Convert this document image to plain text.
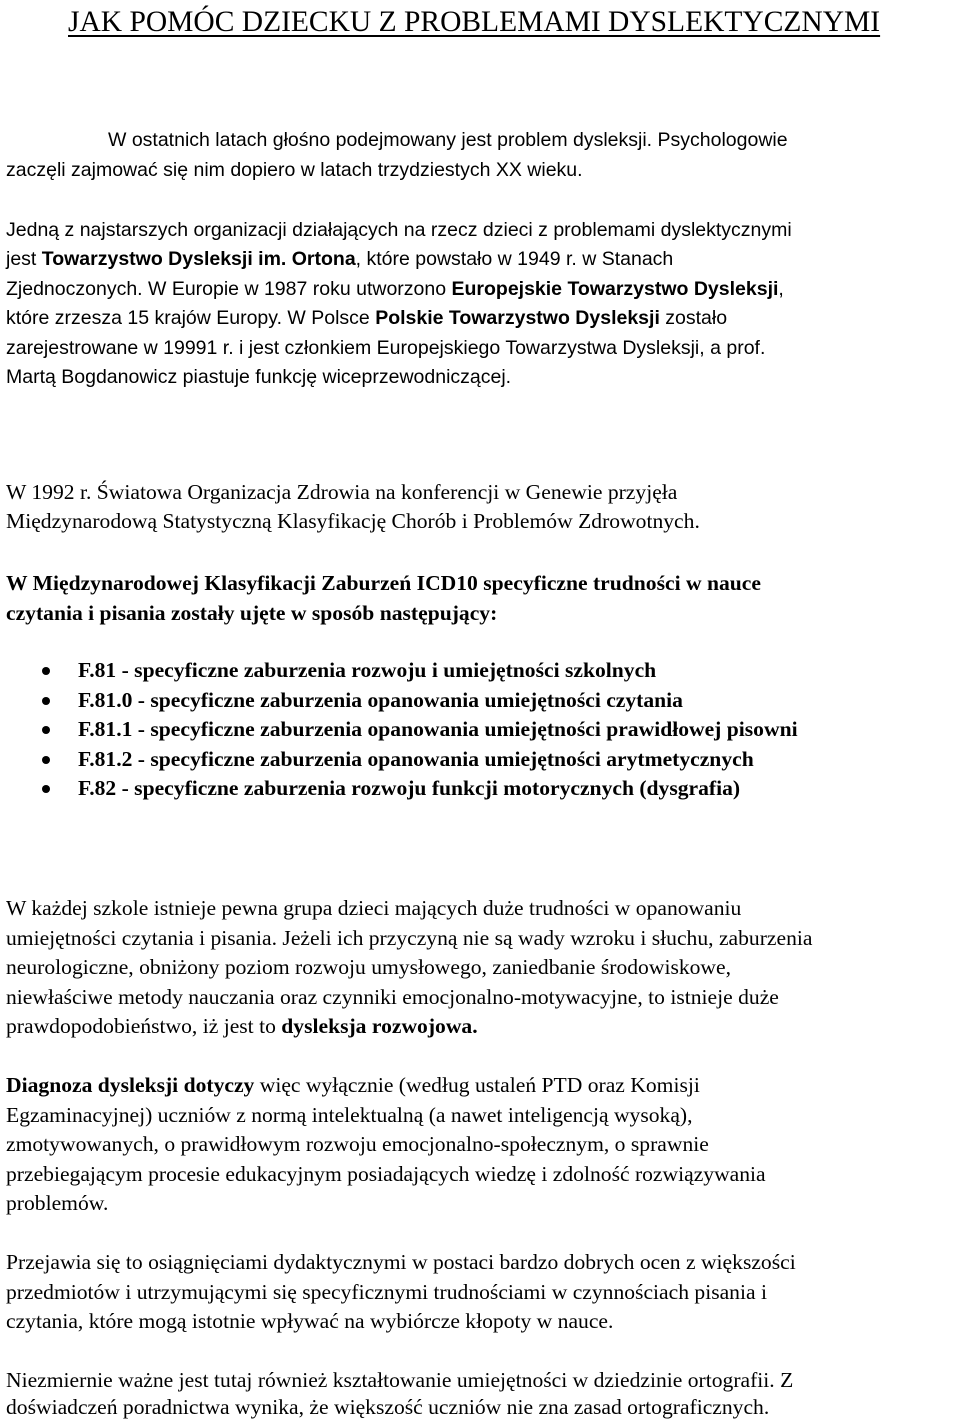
JAK POMÓC DZIECKU Z PROBLEMAMI DYSLEKTYCZNYMI

W ostatnich latach głośno podejmowany jest problem dysleksji. Psychologowie

zaczęli zajmować się nim dopiero w latach trzydziestych XX wieku.

Jedną z najstarszych organizacji działających na rzecz dzieci z problemami dyslektycznymi

jest Towarzystwo Dysleksji im. Ortona, które powstało w 1949 r. w Stanach

Zjednoczonych. W Europie w 1987 roku utworzono Europejskie Towarzystwo Dysleksji,

które zrzesza 15 krajów Europy. W Polsce Polskie Towarzystwo Dysleksji zostało

zarejestrowane w 19991 r. i jest członkiem Europejskiego Towarzystwa Dysleksji, a prof.

Martą Bogdanowicz piastuje funkcję wiceprzewodniczącej.

W 1992 r. Światowa Organizacja Zdrowia na konferencji w Genewie przyjęła

Międzynarodową Statystyczną Klasyfikację Chorób i Problemów Zdrowotnych.

W Międzynarodowej Klasyfikacji Zaburzeń ICD10 specyficzne trudności w nauce

czytania i pisania zostały ujęte w sposób następujący:

F.81 - specyficzne zaburzenia rozwoju i umiejętności szkolnych
F.81.0 - specyficzne zaburzenia opanowania umiejętności czytania
F.81.1 - specyficzne zaburzenia opanowania umiejętności prawidłowej pisowni
F.81.2 - specyficzne zaburzenia opanowania umiejętności arytmetycznych
F.82 - specyficzne zaburzenia rozwoju funkcji motorycznych (dysgrafia)

W każdej szkole istnieje pewna grupa dzieci mających duże trudności w opanowaniu

umiejętności czytania i pisania. Jeżeli ich przyczyną nie są wady wzroku i słuchu, zaburzenia

neurologiczne, obniżony poziom rozwoju umysłowego, zaniedbanie środowiskowe,

niewłaściwe metody nauczania oraz czynniki emocjonalno-motywacyjne, to istnieje duże

prawdopodobieństwo, iż jest to dysleksja rozwojowa.

Diagnoza dysleksji dotyczy więc wyłącznie (według ustaleń PTD oraz Komisji

Egzaminacyjnej) uczniów z normą intelektualną (a nawet inteligencją wysoką),

zmotywowanych, o prawidłowym rozwoju emocjonalno-społecznym, o sprawnie

przebiegającym procesie edukacyjnym posiadających wiedzę i zdolność rozwiązywania

problemów.

Przejawia się to osiągnięciami dydaktycznymi w postaci bardzo dobrych ocen z większości

przedmiotów i utrzymującymi się specyficznymi trudnościami w czynnościach pisania i

czytania, które mogą istotnie wpływać na wybiórcze kłopoty w nauce.

Niezmiernie ważne jest tutaj również kształtowanie umiejętności w dziedzinie ortografii. Z

doświadczeń poradnictwa wynika, że większość uczniów nie zna zasad ortograficznych.
